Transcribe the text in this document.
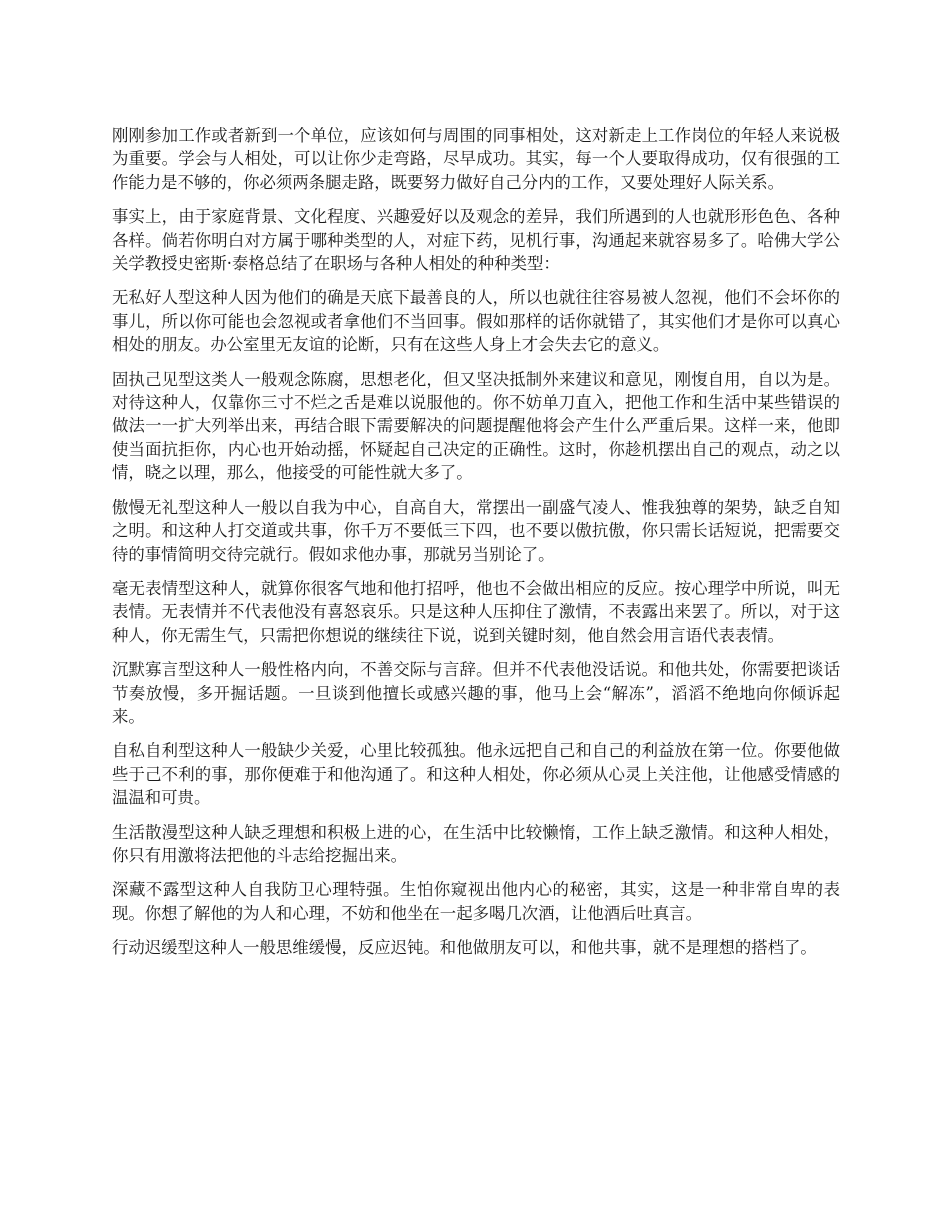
刚刚参加工作或者新到一个单位，应该如何与周围的同事相处，这对新走上工作岗位的年轻人来说极为重要。学会与人相处，可以让你少走弯路，尽早成功。其实，每一个人要取得成功，仅有很强的工作能力是不够的，你必须两条腿走路，既要努力做好自己分内的工作，又要处理好人际关系。

事实上，由于家庭背景、文化程度、兴趣爱好以及观念的差异，我们所遇到的人也就形形色色、各种各样。倘若你明白对方属于哪种类型的人，对症下药，见机行事，沟通起来就容易多了。哈佛大学公关学教授史密斯·泰格总结了在职场与各种人相处的种种类型：

无私好人型这种人因为他们的确是天底下最善良的人，所以也就往往容易被人忽视，他们不会坏你的事儿，所以你可能也会忽视或者拿他们不当回事。假如那样的话你就错了，其实他们才是你可以真心相处的朋友。办公室里无友谊的论断，只有在这些人身上才会失去它的意义。

固执己见型这类人一般观念陈腐，思想老化，但又坚决抵制外来建议和意见，刚愎自用，自以为是。对待这种人，仅靠你三寸不烂之舌是难以说服他的。你不妨单刀直入，把他工作和生活中某些错误的做法一一扩大列举出来，再结合眼下需要解决的问题提醒他将会产生什么严重后果。这样一来，他即使当面抗拒你，内心也开始动摇，怀疑起自己决定的正确性。这时，你趁机摆出自己的观点，动之以情，晓之以理，那么，他接受的可能性就大多了。

傲慢无礼型这种人一般以自我为中心，自高自大，常摆出一副盛气凌人、惟我独尊的架势，缺乏自知之明。和这种人打交道或共事，你千万不要低三下四，也不要以傲抗傲，你只需长话短说，把需要交待的事情简明交待完就行。假如求他办事，那就另当别论了。

毫无表情型这种人，就算你很客气地和他打招呼，他也不会做出相应的反应。按心理学中所说，叫无表情。无表情并不代表他没有喜怒哀乐。只是这种人压抑住了激情，不表露出来罢了。所以，对于这种人，你无需生气，只需把你想说的继续往下说，说到关键时刻，他自然会用言语代表表情。

沉默寡言型这种人一般性格内向，不善交际与言辞。但并不代表他没话说。和他共处，你需要把谈话节奏放慢，多开掘话题。一旦谈到他擅长或感兴趣的事，他马上会“解冻”，滔滔不绝地向你倾诉起来。

自私自利型这种人一般缺少关爱，心里比较孤独。他永远把自己和自己的利益放在第一位。你要他做些于己不利的事，那你便难于和他沟通了。和这种人相处，你必须从心灵上关注他，让他感受情感的温温和可贵。

生活散漫型这种人缺乏理想和积极上进的心，在生活中比较懒惰，工作上缺乏激情。和这种人相处，你只有用激将法把他的斗志给挖掘出来。

深藏不露型这种人自我防卫心理特强。生怕你窥视出他内心的秘密，其实，这是一种非常自卑的表现。你想了解他的为人和心理，不妨和他坐在一起多喝几次酒，让他酒后吐真言。

行动迟缓型这种人一般思维缓慢，反应迟钝。和他做朋友可以，和他共事，就不是理想的搭档了。
